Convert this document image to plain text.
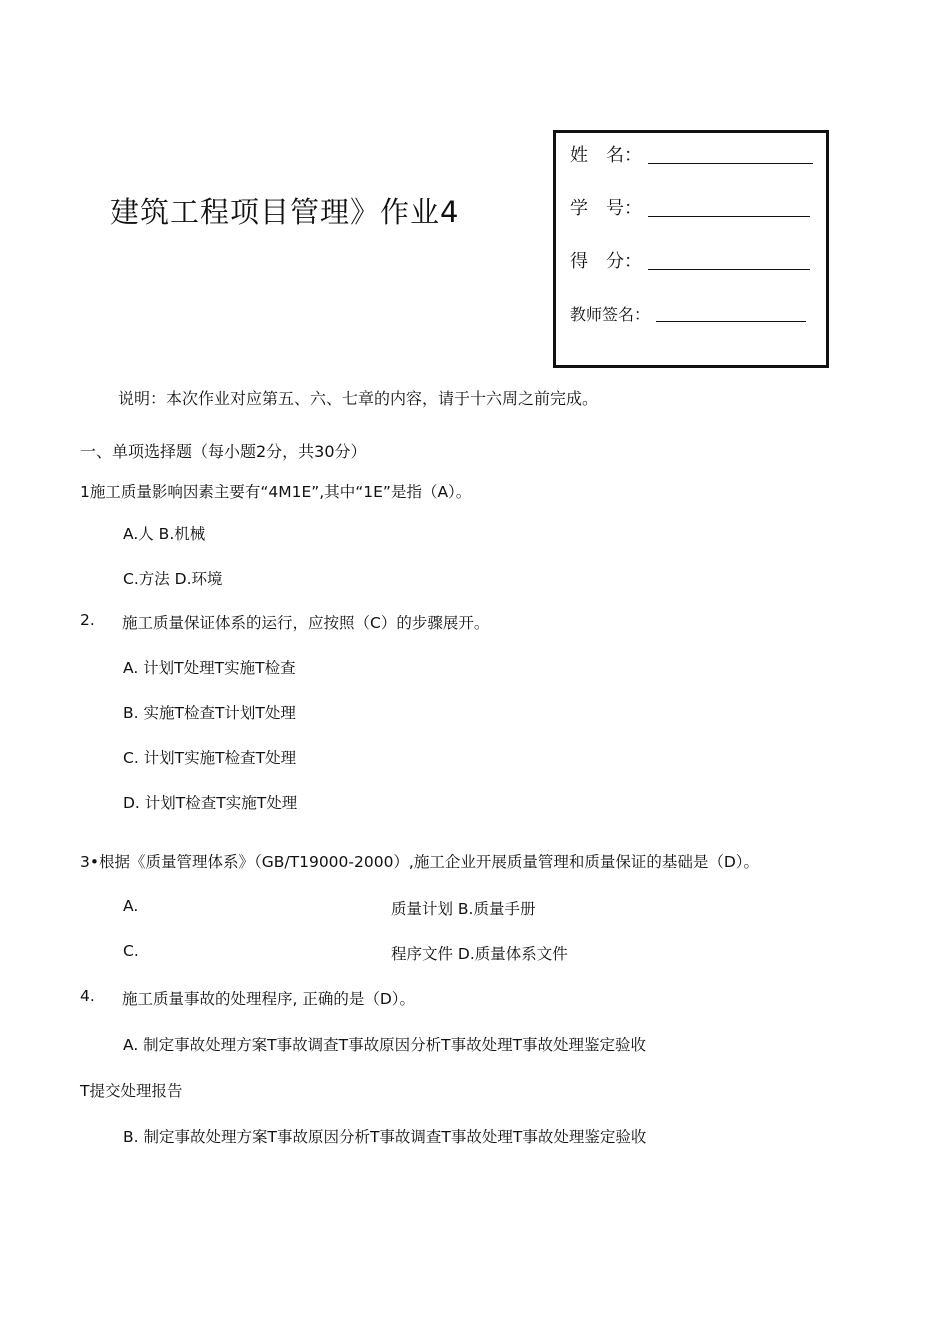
建筑工程项目管理》作业4
姓　名：
学　号：
得　分：
教师签名：
说明：本次作业对应第五、六、七章的内容，请于十六周之前完成。
一、单项选择题（每小题2分，共30分）
1施工质量影响因素主要有“4M1E”,其中“1E”是指（A）。
A.人 B.机械
C.方法 D.环境
2. 施工质量保证体系的运行，应按照（C）的步骤展开。
A. 计划T处理T实施T检查
B. 实施T检查T计划T处理
C. 计划T实施T检查T处理
D. 计划T检查T实施T处理
3•根据《质量管理体系》（GB/T19000-2000）,施工企业开展质量管理和质量保证的基础是（D）。
A.	质量计划 B.质量手册
C.	程序文件 D.质量体系文件
4. 施工质量事故的处理程序, 正确的是（D）。
A. 制定事故处理方案T事故调查T事故原因分析T事故处理T事故处理鉴定验收
T提交处理报告
B. 制定事故处理方案T事故原因分析T事故调查T事故处理T事故处理鉴定验收
